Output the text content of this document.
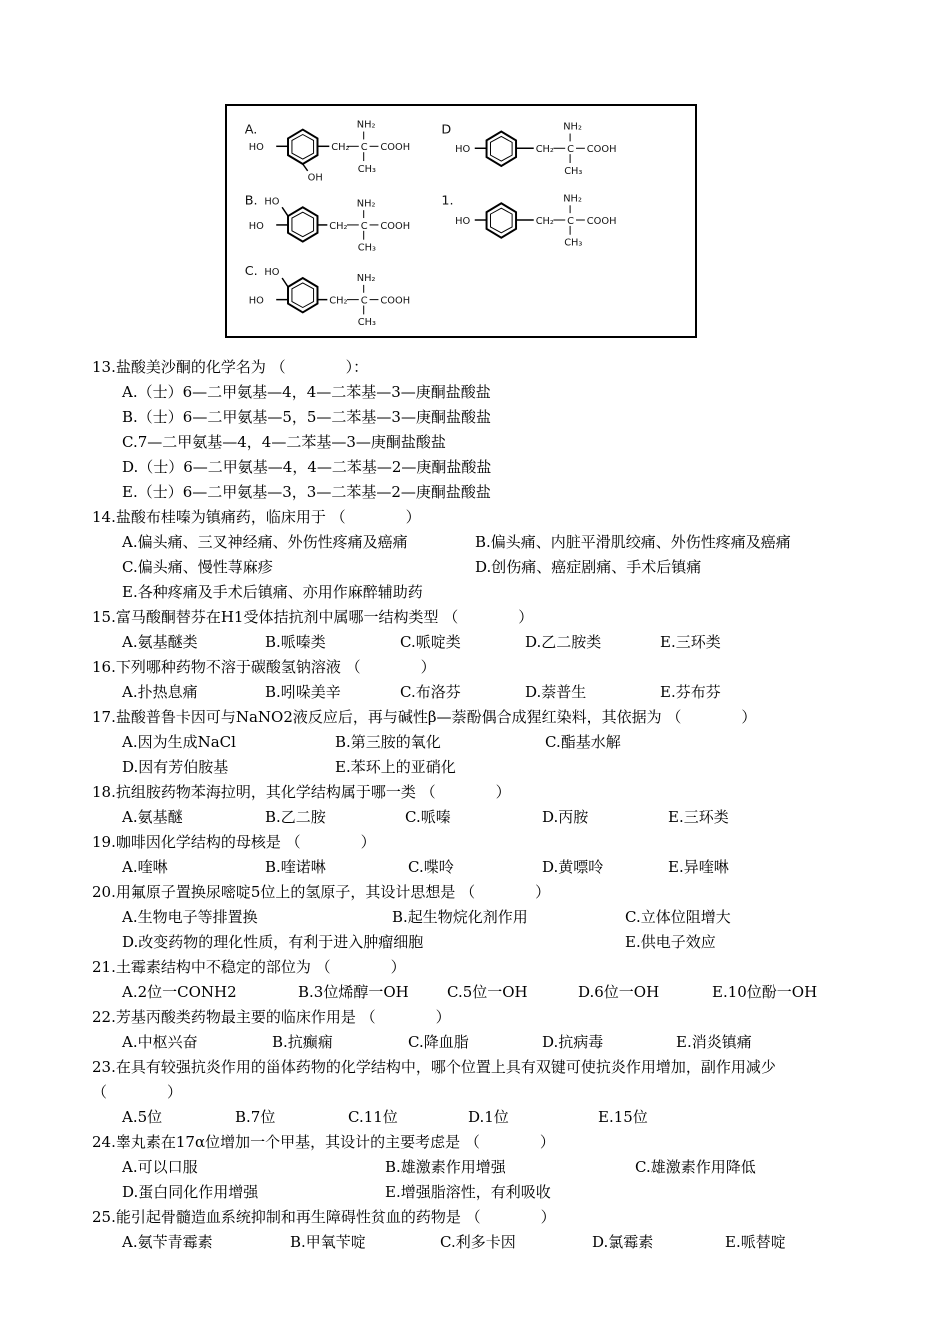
A.
HO
OH
CH₂ C
NH₂
COOH
CH₃
B. HO
HO	CH₂ C
NH₂
COOH
CH₃
C. HO
HO	CH₂ C
NH₂
COOH
CH₃
D
HO	CH₂ C
NH₂
COOH
CH₃
1.
HO	CH₂ C
NH₂
COOH
CH₃
13.盐酸美沙酮的化学名为 （　　　　）：
A.（士）6—二甲氨基—4，4—二苯基—3—庚酮盐酸盐
B.（士）6—二甲氨基—5，5—二苯基—3—庚酮盐酸盐
C.7—二甲氨基—4，4—二苯基—3—庚酮盐酸盐
D.（士）6—二甲氨基—4，4—二苯基—2—庚酮盐酸盐
E.（士）6—二甲氨基—3，3—二苯基—2—庚酮盐酸盐
14.盐酸布桂嗪为镇痛药，临床用于 （　　　　）
A.偏头痛、三叉神经痛、外伤性疼痛及癌痛	B.偏头痛、内脏平滑肌绞痛、外伤性疼痛及癌痛
C.偏头痛、慢性荨麻疹	D.创伤痛、癌症剧痛、手术后镇痛
E.各种疼痛及手术后镇痛、亦用作麻醉辅助药
15.富马酸酮替芬在H1受体拮抗剂中属哪一结构类型 （　　　　）
A.氨基醚类	B.哌嗪类	C.哌啶类	D.乙二胺类	E.三环类
16.下列哪种药物不溶于碳酸氢钠溶液 （　　　　）
A.扑热息痛	B.吲哚美辛	C.布洛芬	D.萘普生	E.芬布芬
17.盐酸普鲁卡因可与NaNO2液反应后，再与碱性β—萘酚偶合成猩红染料，其依据为 （　　　　）
A.因为生成NaCl	B.第三胺的氧化	C.酯基水解
D.因有芳伯胺基	E.苯环上的亚硝化
18.抗组胺药物苯海拉明，其化学结构属于哪一类 （　　　　）
A.氨基醚	B.乙二胺	C.哌嗪	D.丙胺	E.三环类
19.咖啡因化学结构的母核是 （　　　　）
A.喹啉	B.喹诺啉	C.喋呤	D.黄嘌呤	E.异喹啉
20.用氟原子置换尿嘧啶5位上的氢原子，其设计思想是 （　　　　）
A.生物电子等排置换	B.起生物烷化剂作用	C.立体位阻增大
D.改变药物的理化性质，有利于进入肿瘤细胞	E.供电子效应
21.土霉素结构中不稳定的部位为 （　　　　）
A.2位一CONH2	B.3位烯醇一OH	C.5位一OH	D.6位一OH	E.10位酚一OH
22.芳基丙酸类药物最主要的临床作用是 （　　　　）
A.中枢兴奋	B.抗癫痫	C.降血脂	D.抗病毒	E.消炎镇痛
23.在具有较强抗炎作用的甾体药物的化学结构中，哪个位置上具有双键可使抗炎作用增加，副作用减少
（　　　　）
A.5位	B.7位	C.11位	D.1位	E.15位
24.睾丸素在17α位增加一个甲基，其设计的主要考虑是 （　　　　）
A.可以口服	B.雄激素作用增强	C.雄激素作用降低
D.蛋白同化作用增强	E.增强脂溶性，有利吸收
25.能引起骨髓造血系统抑制和再生障碍性贫血的药物是 （　　　　）
A.氨苄青霉素	B.甲氧苄啶	C.利多卡因	D.氯霉素	E.哌替啶
